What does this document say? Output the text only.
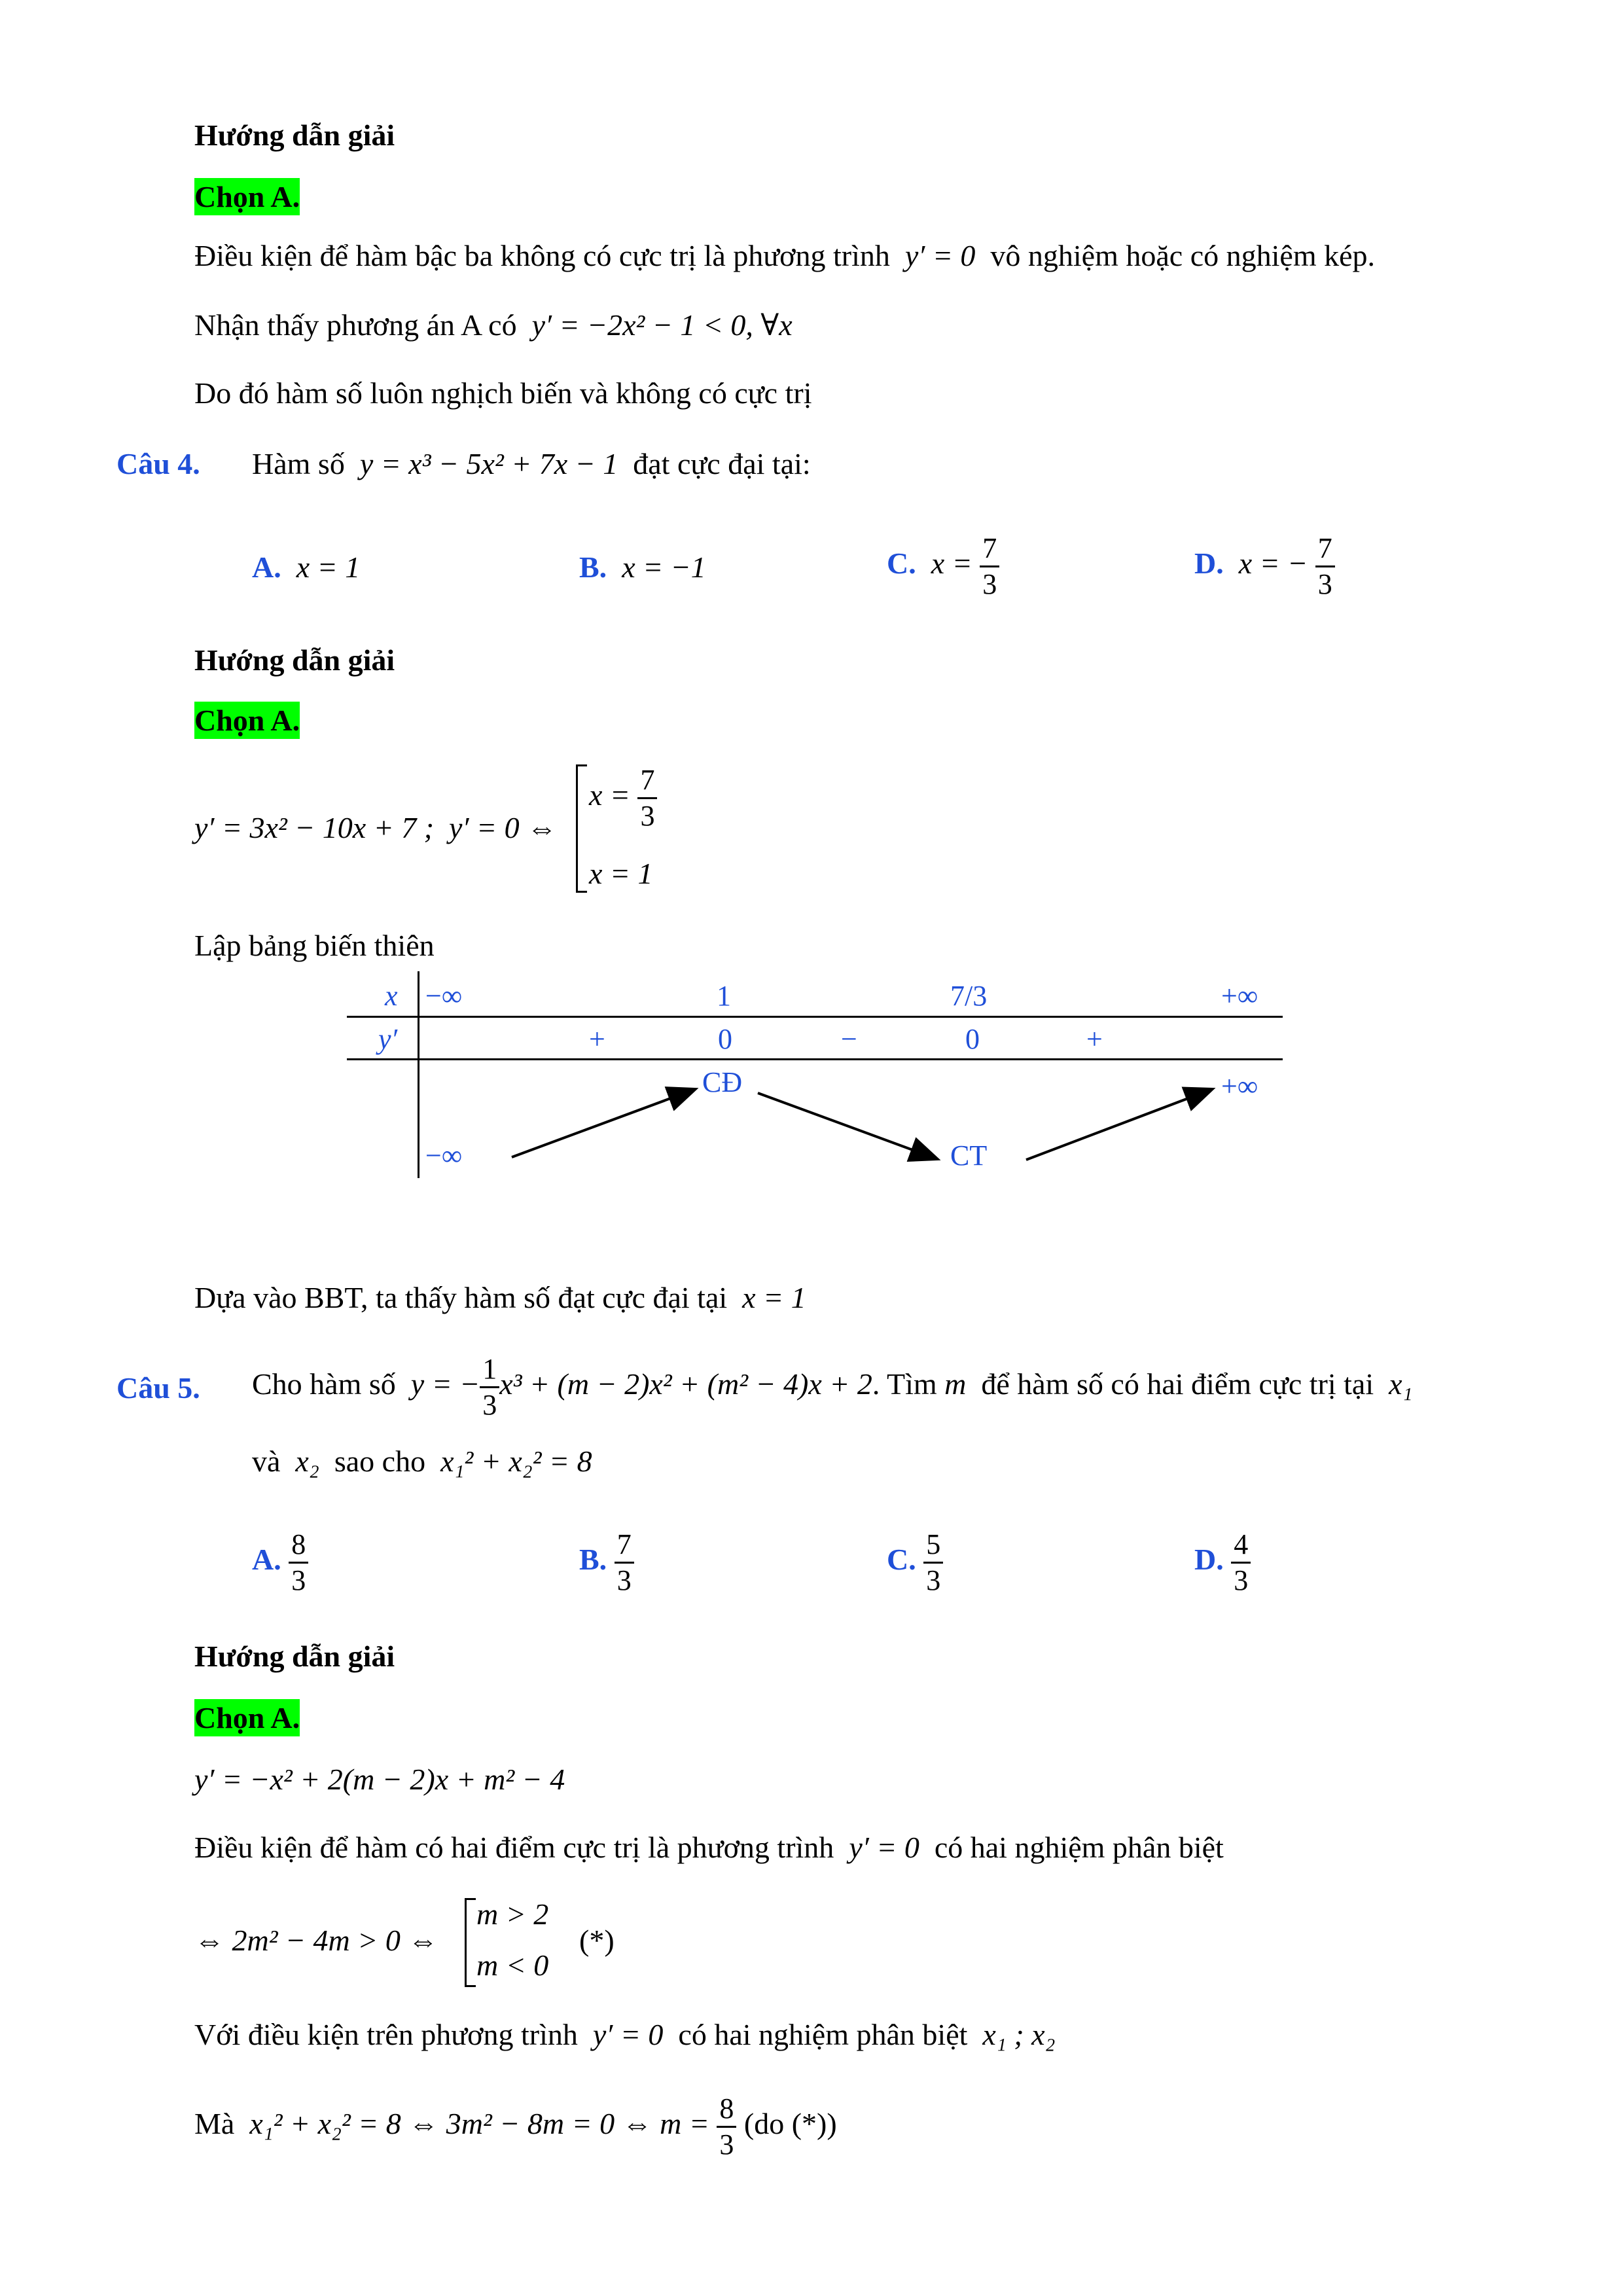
Hướng dẫn giải
Chọn A.
Điều kiện để hàm bậc ba không có cực trị là phương trình y′ = 0 vô nghiệm hoặc có nghiệm kép.
Nhận thấy phương án A có y′ = −2x² − 1 < 0, ∀x
Do đó hàm số luôn nghịch biến và không có cực trị
Câu 4. Hàm số y = x³ − 5x² + 7x − 1 đạt cực đại tại:
A. x = 1	B. x = −1	C. $x = \frac{7}{3}$	D. x = − $\frac{7}{3}$
Hướng dẫn giải
Chọn A.
y′ = 3x² − 10x + 7 ; y′ = 0 ⇔
$x = \frac{7}{3}$
x = 1
Lập bảng biến thiên
x −∞	1	7/3	+∞
y′	+	0	−	0	+
CĐ	+∞
−∞	CT
Dựa vào BBT, ta thấy hàm số đạt cực đại tại x = 1
Câu 5. Cho hàm số y = − $\frac{1}{3} x^3 + (m - 2)x^2 + (m^2 - 4)x + 2$. Tìm m để hàm số có hai điểm cực trị tại x₁
và x₂ sao cho x₁² + x₂² = 8
A. $\frac{8}{3}$	B. $\frac{7}{3}$	C. $\frac{5}{3}$	D. $\frac{4}{3}$
Hướng dẫn giải
Chọn A.
y′ = −x² + 2(m − 2)x + m² − 4
Điều kiện để hàm có hai điểm cực trị là phương trình y′ = 0 có hai nghiệm phân biệt
⇔ 2m² − 4m > 0 ⇔
m > 2
m < 0
(*)
Với điều kiện trên phương trình y′ = 0 có hai nghiệm phân biệt x₁ ; x₂
Mà x₁² + x₂² = 8 ⇔ 3m² − 8m = 0 ⇔ $m = \frac{8}{3} (do$ (*))
